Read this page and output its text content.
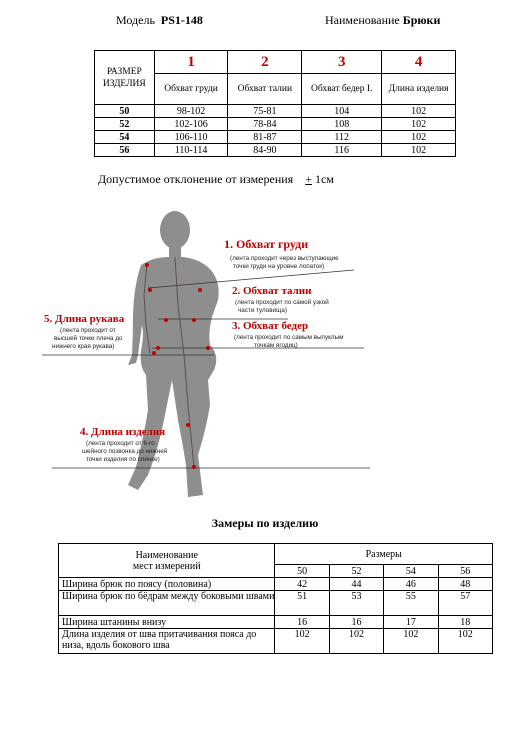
Модель PS1-148	Наименование Брюки
РАЗМЕР ИЗДЕЛИЯ	1	2	3	4
	Обхват груди	Обхват талии	Обхват бедер I.	Длина изделия
50	98-102	75-81	104	102
52	102-106	78-84	108	102
54	106-110	81-87	112	102
56	110-114	84-90	116	102
Допустимое отклонение от измерения + 1см
1. Обхват груди
(лента проходит через выступающие
точки груди на уровне лопаток)
2. Обхват талии
(лента проходит по самой узкой
части туловища)
3. Обхват бедер
(лента проходит по самым выпуклым
точкам ягодиц)
5. Длина рукава
(лента проходит от
высшей точки плеча до
нижнего края рукава)
4. Длина изделия
(лента проходит от 6-го
шейного позвонка до нижней
точки изделия по спинке)
Замеры по изделию
Наименование
мест измерений	Размеры			
	50	52	54	56
Ширина брюк по поясу (половина)	42	44	46	48
Ширина брюк по бёдрам между боковыми швами	51	53	55	57
Ширина штанины внизу	16	16	17	18
Длина изделия от шва притачивания пояса до низа, вдоль бокового шва	102	102	102	102
